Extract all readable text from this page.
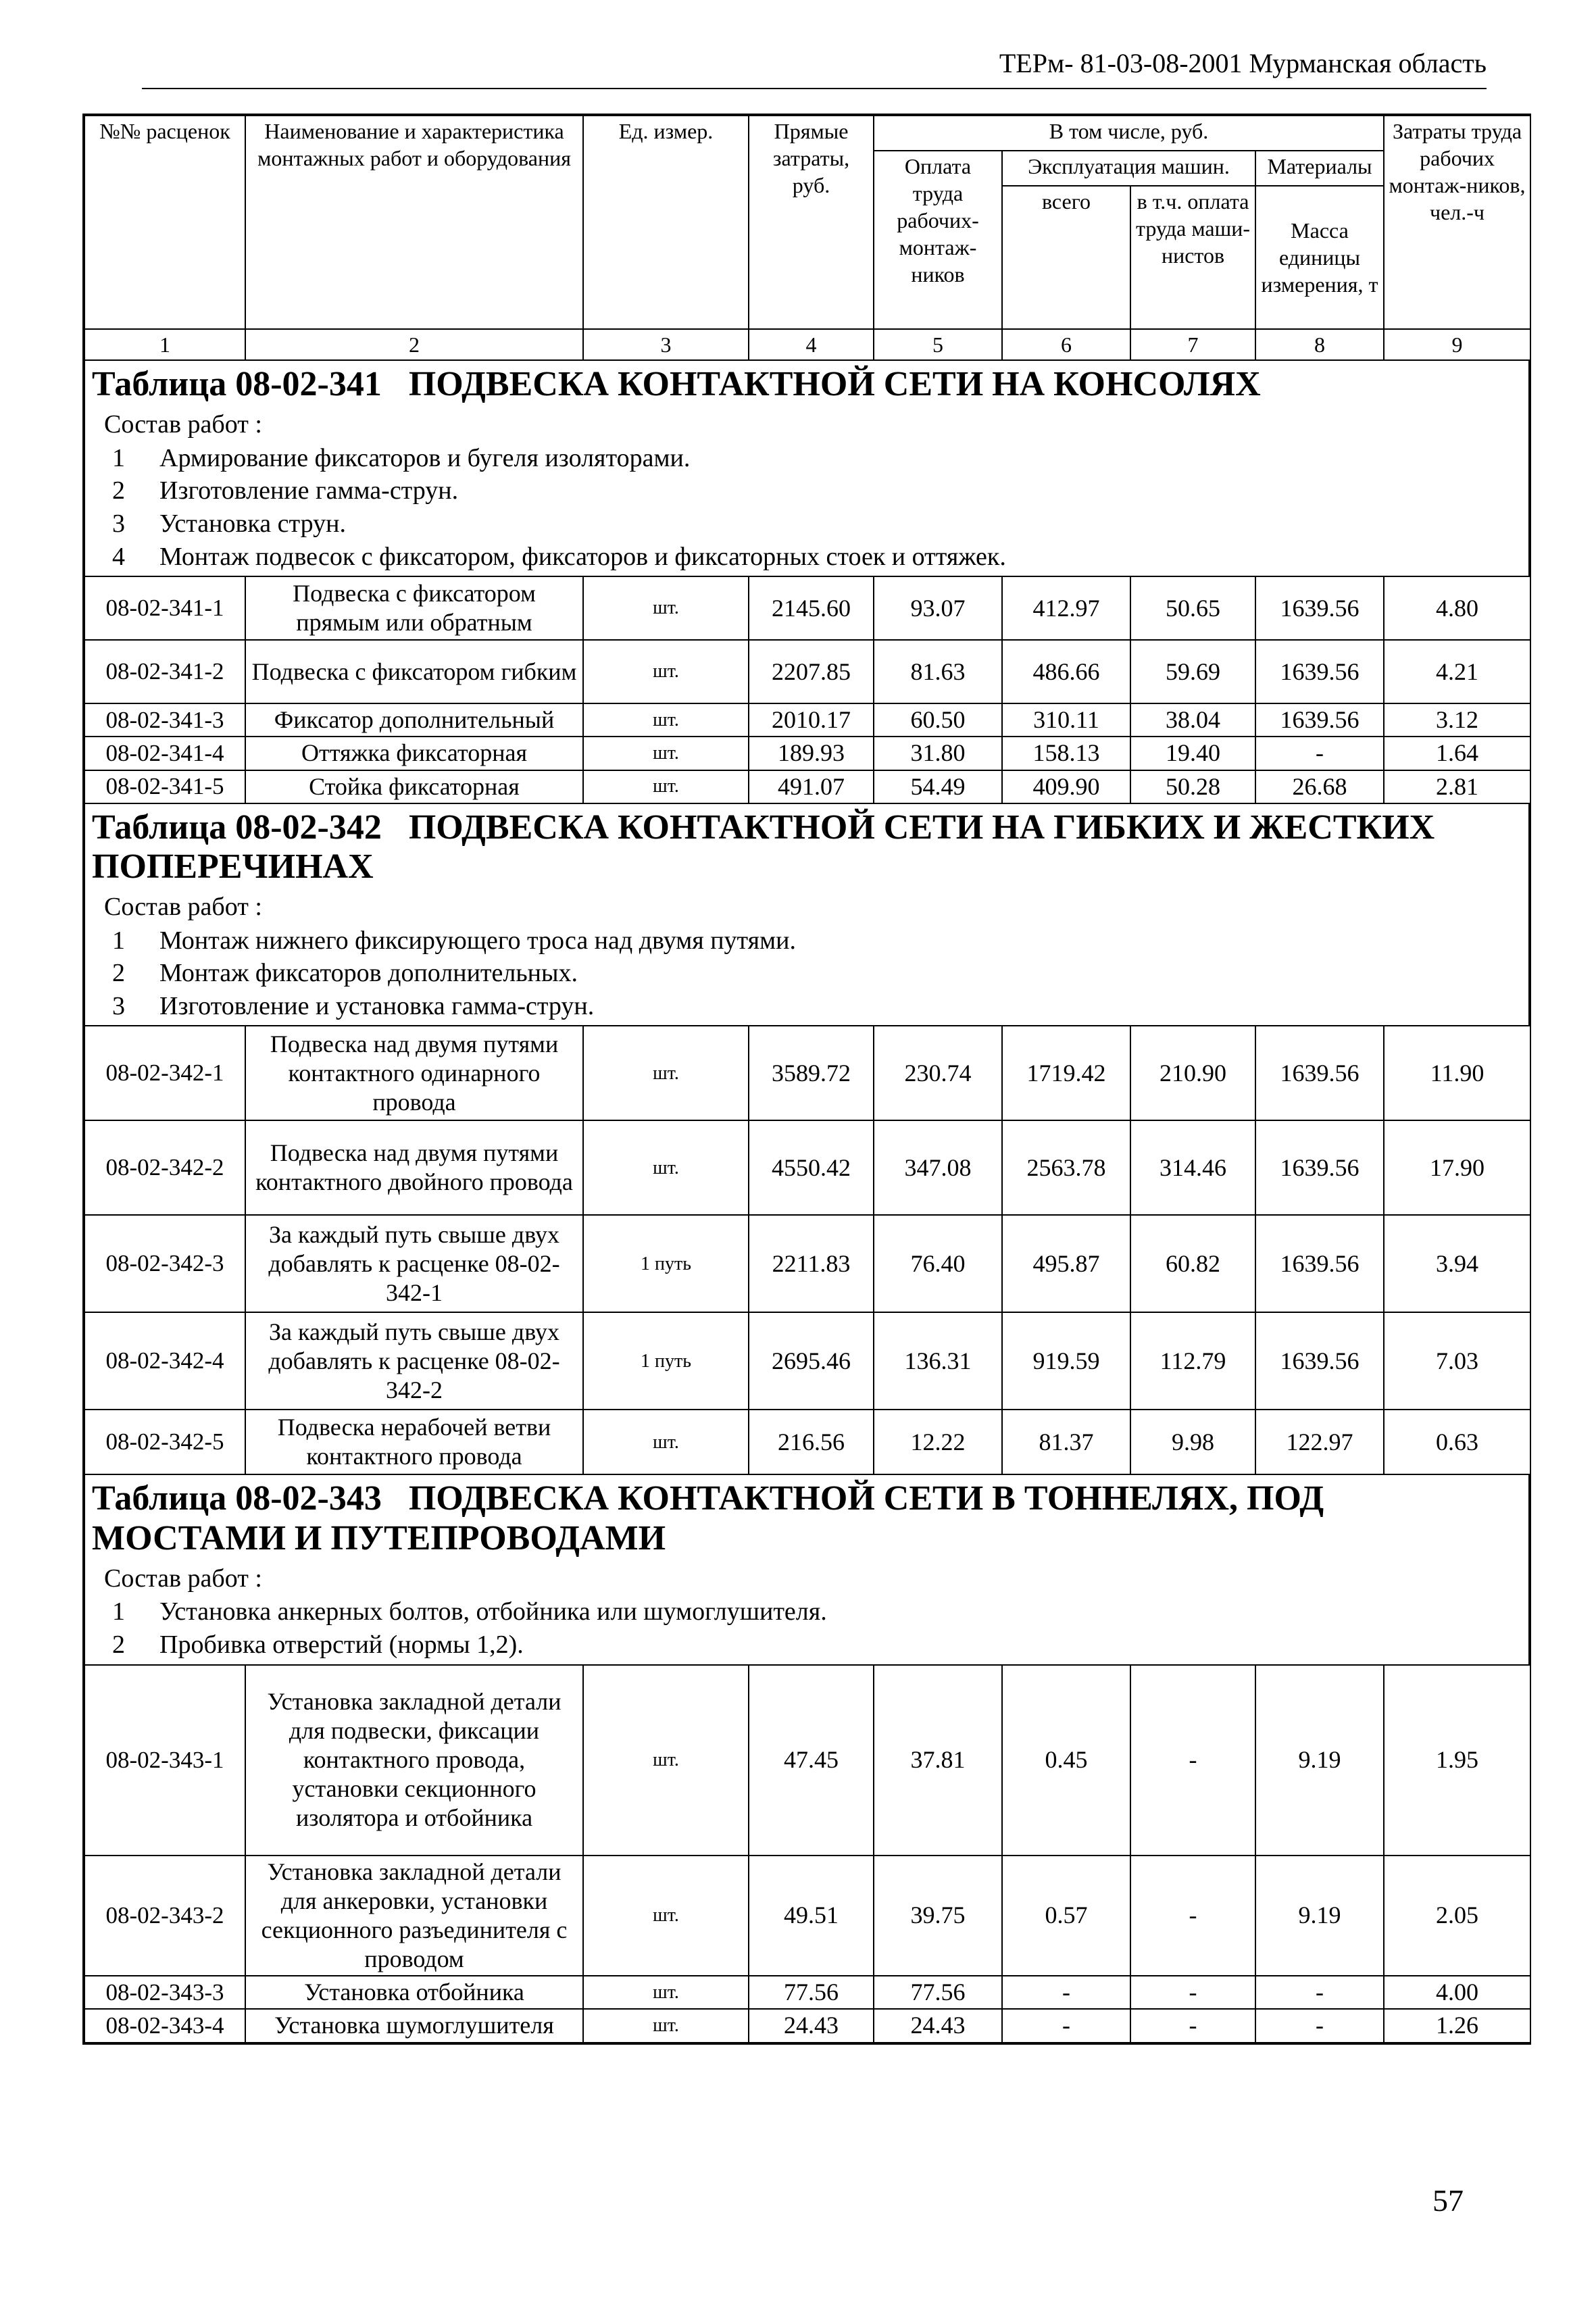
ТЕРм- 81-03-08-2001 Мурманская область
№№ расценок	Наименование и характеристика монтажных работ и оборудования	Ед. измер.	Прямые затраты, руб.	В том числе, руб.				Затраты труда рабочих монтаж-ников, чел.-ч
				Оплата труда рабочих-монтаж-ников	Эксплуатация машин.		Материалы	
					всего	в т.ч. оплата труда маши-нистов	Масса единицы измерения, т	
1	2	3	4	5	6	7	8	9
Таблица 08-02-341 ПОДВЕСКА КОНТАКТНОЙ СЕТИ НА КОНСОЛЯХ
Состав работ :
1 Армирование фиксаторов и бугеля изоляторами.
2 Изготовление гамма-струн.
3 Установка струн.
4 Монтаж подвесок с фиксатором, фиксаторов и фиксаторных стоек и оттяжек.
08-02-341-1	Подвеска с фиксатором прямым или обратным	шт.	2145.60	93.07	412.97	50.65	1639.56	4.80
08-02-341-2	Подвеска с фиксатором гибким	шт.	2207.85	81.63	486.66	59.69	1639.56	4.21
08-02-341-3	Фиксатор дополнительный	шт.	2010.17	60.50	310.11	38.04	1639.56	3.12
08-02-341-4	Оттяжка фиксаторная	шт.	189.93	31.80	158.13	19.40	-	1.64
08-02-341-5	Стойка фиксаторная	шт.	491.07	54.49	409.90	50.28	26.68	2.81
Таблица 08-02-342 ПОДВЕСКА КОНТАКТНОЙ СЕТИ НА ГИБКИХ И ЖЕСТКИХ ПОПЕРЕЧИНАХ
Состав работ :
1 Монтаж нижнего фиксирующего троса над двумя путями.
2 Монтаж фиксаторов дополнительных.
3 Изготовление и установка гамма-струн.
08-02-342-1	Подвеска над двумя путями контактного одинарного провода	шт.	3589.72	230.74	1719.42	210.90	1639.56	11.90
08-02-342-2	Подвеска над двумя путями контактного двойного провода	шт.	4550.42	347.08	2563.78	314.46	1639.56	17.90
08-02-342-3	За каждый путь свыше двух добавлять к расценке 08-02-342-1	1 путь	2211.83	76.40	495.87	60.82	1639.56	3.94
08-02-342-4	За каждый путь свыше двух добавлять к расценке 08-02-342-2	1 путь	2695.46	136.31	919.59	112.79	1639.56	7.03
08-02-342-5	Подвеска нерабочей ветви контактного провода	шт.	216.56	12.22	81.37	9.98	122.97	0.63
Таблица 08-02-343 ПОДВЕСКА КОНТАКТНОЙ СЕТИ В ТОННЕЛЯХ, ПОД МОСТАМИ И ПУТЕПРОВОДАМИ
Состав работ :
1 Установка анкерных болтов, отбойника или шумоглушителя.
2 Пробивка отверстий (нормы 1,2).
08-02-343-1	Установка закладной детали для подвески, фиксации контактного провода, установки секционного изолятора и отбойника	шт.	47.45	37.81	0.45	-	9.19	1.95
08-02-343-2	Установка закладной детали для анкеровки, установки секционного разъединителя с проводом	шт.	49.51	39.75	0.57	-	9.19	2.05
08-02-343-3	Установка отбойника	шт.	77.56	77.56	-	-	-	4.00
08-02-343-4	Установка шумоглушителя	шт.	24.43	24.43	-	-	-	1.26
57
